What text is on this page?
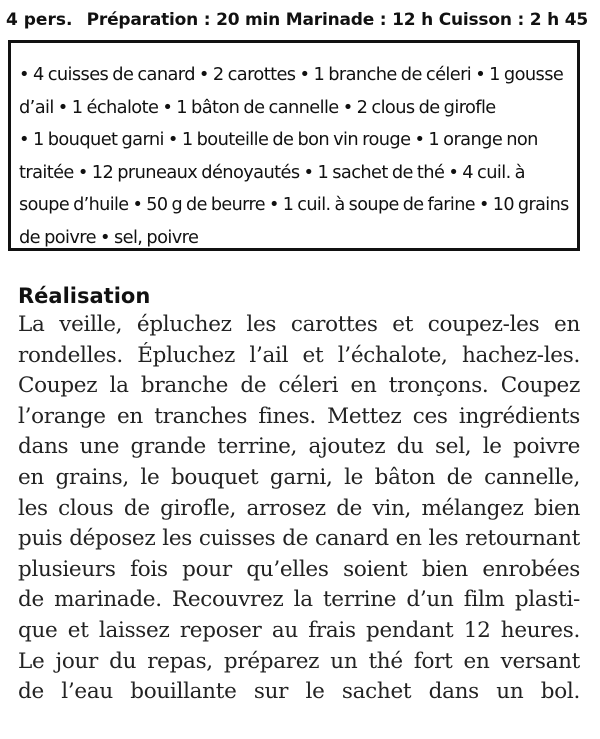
4 pers. Préparation : 20 min Marinade : 12 h Cuisson : 2 h 45
• 4 cuisses de canard • 2 carottes • 1 branche de céleri • 1 gousse
d’ail • 1 échalote • 1 bâton de cannelle • 2 clous de girofle
• 1 bouquet garni • 1 bouteille de bon vin rouge • 1 orange non
traitée • 12 pruneaux dénoyautés • 1 sachet de thé • 4 cuil. à
soupe d’huile • 50 g de beurre • 1 cuil. à soupe de farine • 10 grains
de poivre • sel, poivre
Réalisation
La veille, épluchez les carottes et coupez-les en
rondelles. Épluchez l’ail et l’échalote, hachez-les.
Coupez la branche de céleri en tronçons. Coupez
l’orange en tranches fines. Mettez ces ingrédients
dans une grande terrine, ajoutez du sel, le poivre
en grains, le bouquet garni, le bâton de cannelle,
les clous de girofle, arrosez de vin, mélangez bien
puis déposez les cuisses de canard en les retournant
plusieurs fois pour qu’elles soient bien enrobées
de marinade. Recouvrez la terrine d’un film plasti-
que et laissez reposer au frais pendant 12 heures.
Le jour du repas, préparez un thé fort en versant
de l’eau bouillante sur le sachet dans un bol.
